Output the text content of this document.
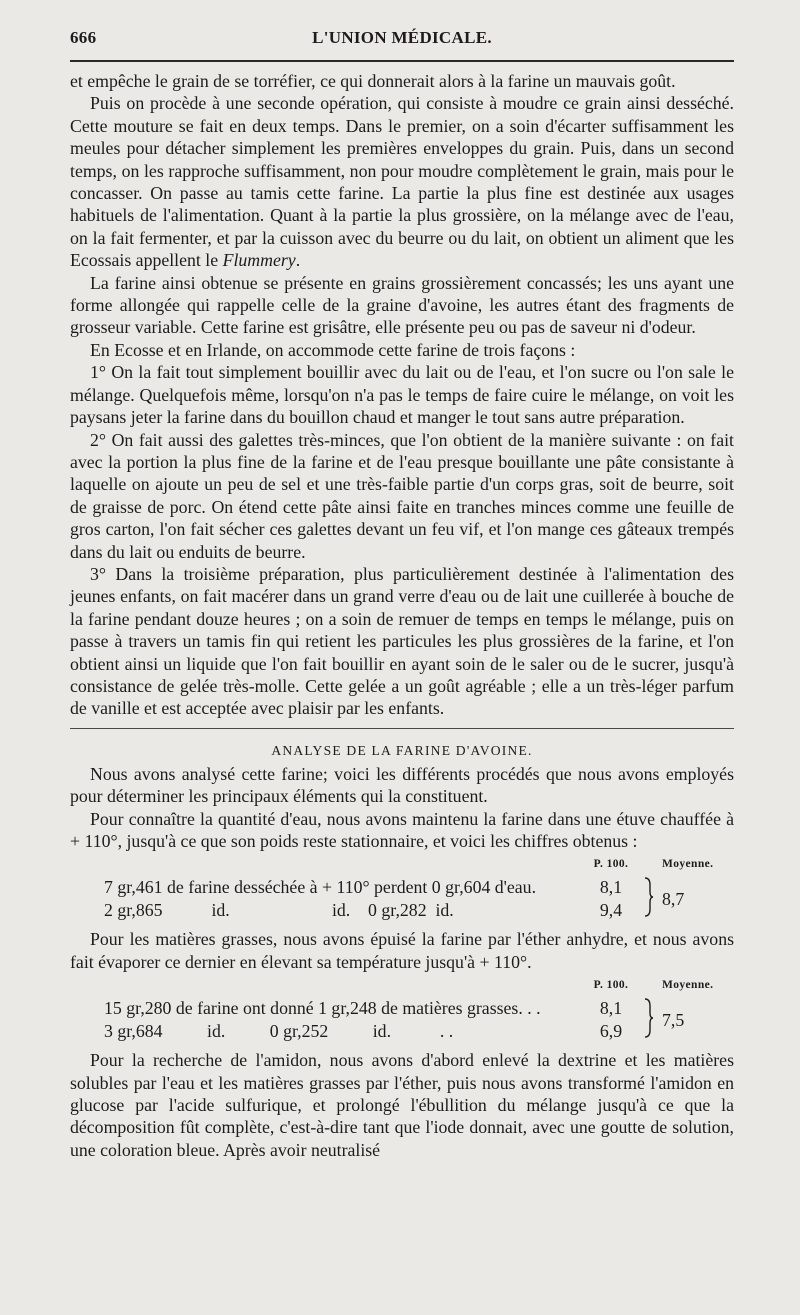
666	L'UNION MÉDICALE.

et empêche le grain de se torréfier, ce qui donnerait alors à la farine un mauvais goût.

Puis on procède à une seconde opération, qui consiste à moudre ce grain ainsi desséché. Cette mouture se fait en deux temps. Dans le premier, on a soin d'écarter suffisamment les meules pour détacher simplement les premières enveloppes du grain. Puis, dans un second temps, on les rapproche suffisamment, non pour moudre complètement le grain, mais pour le concasser. On passe au tamis cette farine. La partie la plus fine est destinée aux usages habituels de l'alimentation. Quant à la partie la plus grossière, on la mélange avec de l'eau, on la fait fermenter, et par la cuisson avec du beurre ou du lait, on obtient un aliment que les Ecossais appellent le Flummery.

La farine ainsi obtenue se présente en grains grossièrement concassés; les uns ayant une forme allongée qui rappelle celle de la graine d'avoine, les autres étant des fragments de grosseur variable. Cette farine est grisâtre, elle présente peu ou pas de saveur ni d'odeur.

En Ecosse et en Irlande, on accommode cette farine de trois façons :

1° On la fait tout simplement bouillir avec du lait ou de l'eau, et l'on sucre ou l'on sale le mélange. Quelquefois même, lorsqu'on n'a pas le temps de faire cuire le mélange, on voit les paysans jeter la farine dans du bouillon chaud et manger le tout sans autre préparation.

2° On fait aussi des galettes très-minces, que l'on obtient de la manière suivante : on fait avec la portion la plus fine de la farine et de l'eau presque bouillante une pâte consistante à laquelle on ajoute un peu de sel et une très-faible partie d'un corps gras, soit de beurre, soit de graisse de porc. On étend cette pâte ainsi faite en tranches minces comme une feuille de gros carton, l'on fait sécher ces galettes devant un feu vif, et l'on mange ces gâteaux trempés dans du lait ou enduits de beurre.

3° Dans la troisième préparation, plus particulièrement destinée à l'alimentation des jeunes enfants, on fait macérer dans un grand verre d'eau ou de lait une cuillerée à bouche de la farine pendant douze heures ; on a soin de remuer de temps en temps le mélange, puis on passe à travers un tamis fin qui retient les particules les plus grossières de la farine, et l'on obtient ainsi un liquide que l'on fait bouillir en ayant soin de le saler ou de le sucrer, jusqu'à consistance de gelée très-molle. Cette gelée a un goût agréable ; elle a un très-léger parfum de vanille et est acceptée avec plaisir par les enfants.

ANALYSE DE LA FARINE D'AVOINE.

Nous avons analysé cette farine; voici les différents procédés que nous avons employés pour déterminer les principaux éléments qui la constituent.

Pour connaître la quantité d'eau, nous avons maintenu la farine dans une étuve chauffée à + 110°, jusqu'à ce que son poids reste stationnaire, et voici les chiffres obtenus :

	P. 100.		Moyenne.
7 gr,461 de farine desséchée à + 110° perdent 0 gr,604 d'eau.	8,1		8,7
2 gr,865           id.                       id.    0 gr,282  id.	9,4		

Pour les matières grasses, nous avons épuisé la farine par l'éther anhydre, et nous avons fait évaporer ce dernier en élevant sa température jusqu'à + 110°.

	P. 100.		Moyenne.
15 gr,280 de farine ont donné 1 gr,248 de matières grasses. . .	8,1		7,5
3 gr,684          id.          0 gr,252          id.           . .	6,9		

Pour la recherche de l'amidon, nous avons d'abord enlevé la dextrine et les matières solubles par l'eau et les matières grasses par l'éther, puis nous avons transformé l'amidon en glucose par l'acide sulfurique, et prolongé l'ébullition du mélange jusqu'à ce que la décomposition fût complète, c'est-à-dire tant que l'iode donnait, avec une goutte de solution, une coloration bleue. Après avoir neutralisé
